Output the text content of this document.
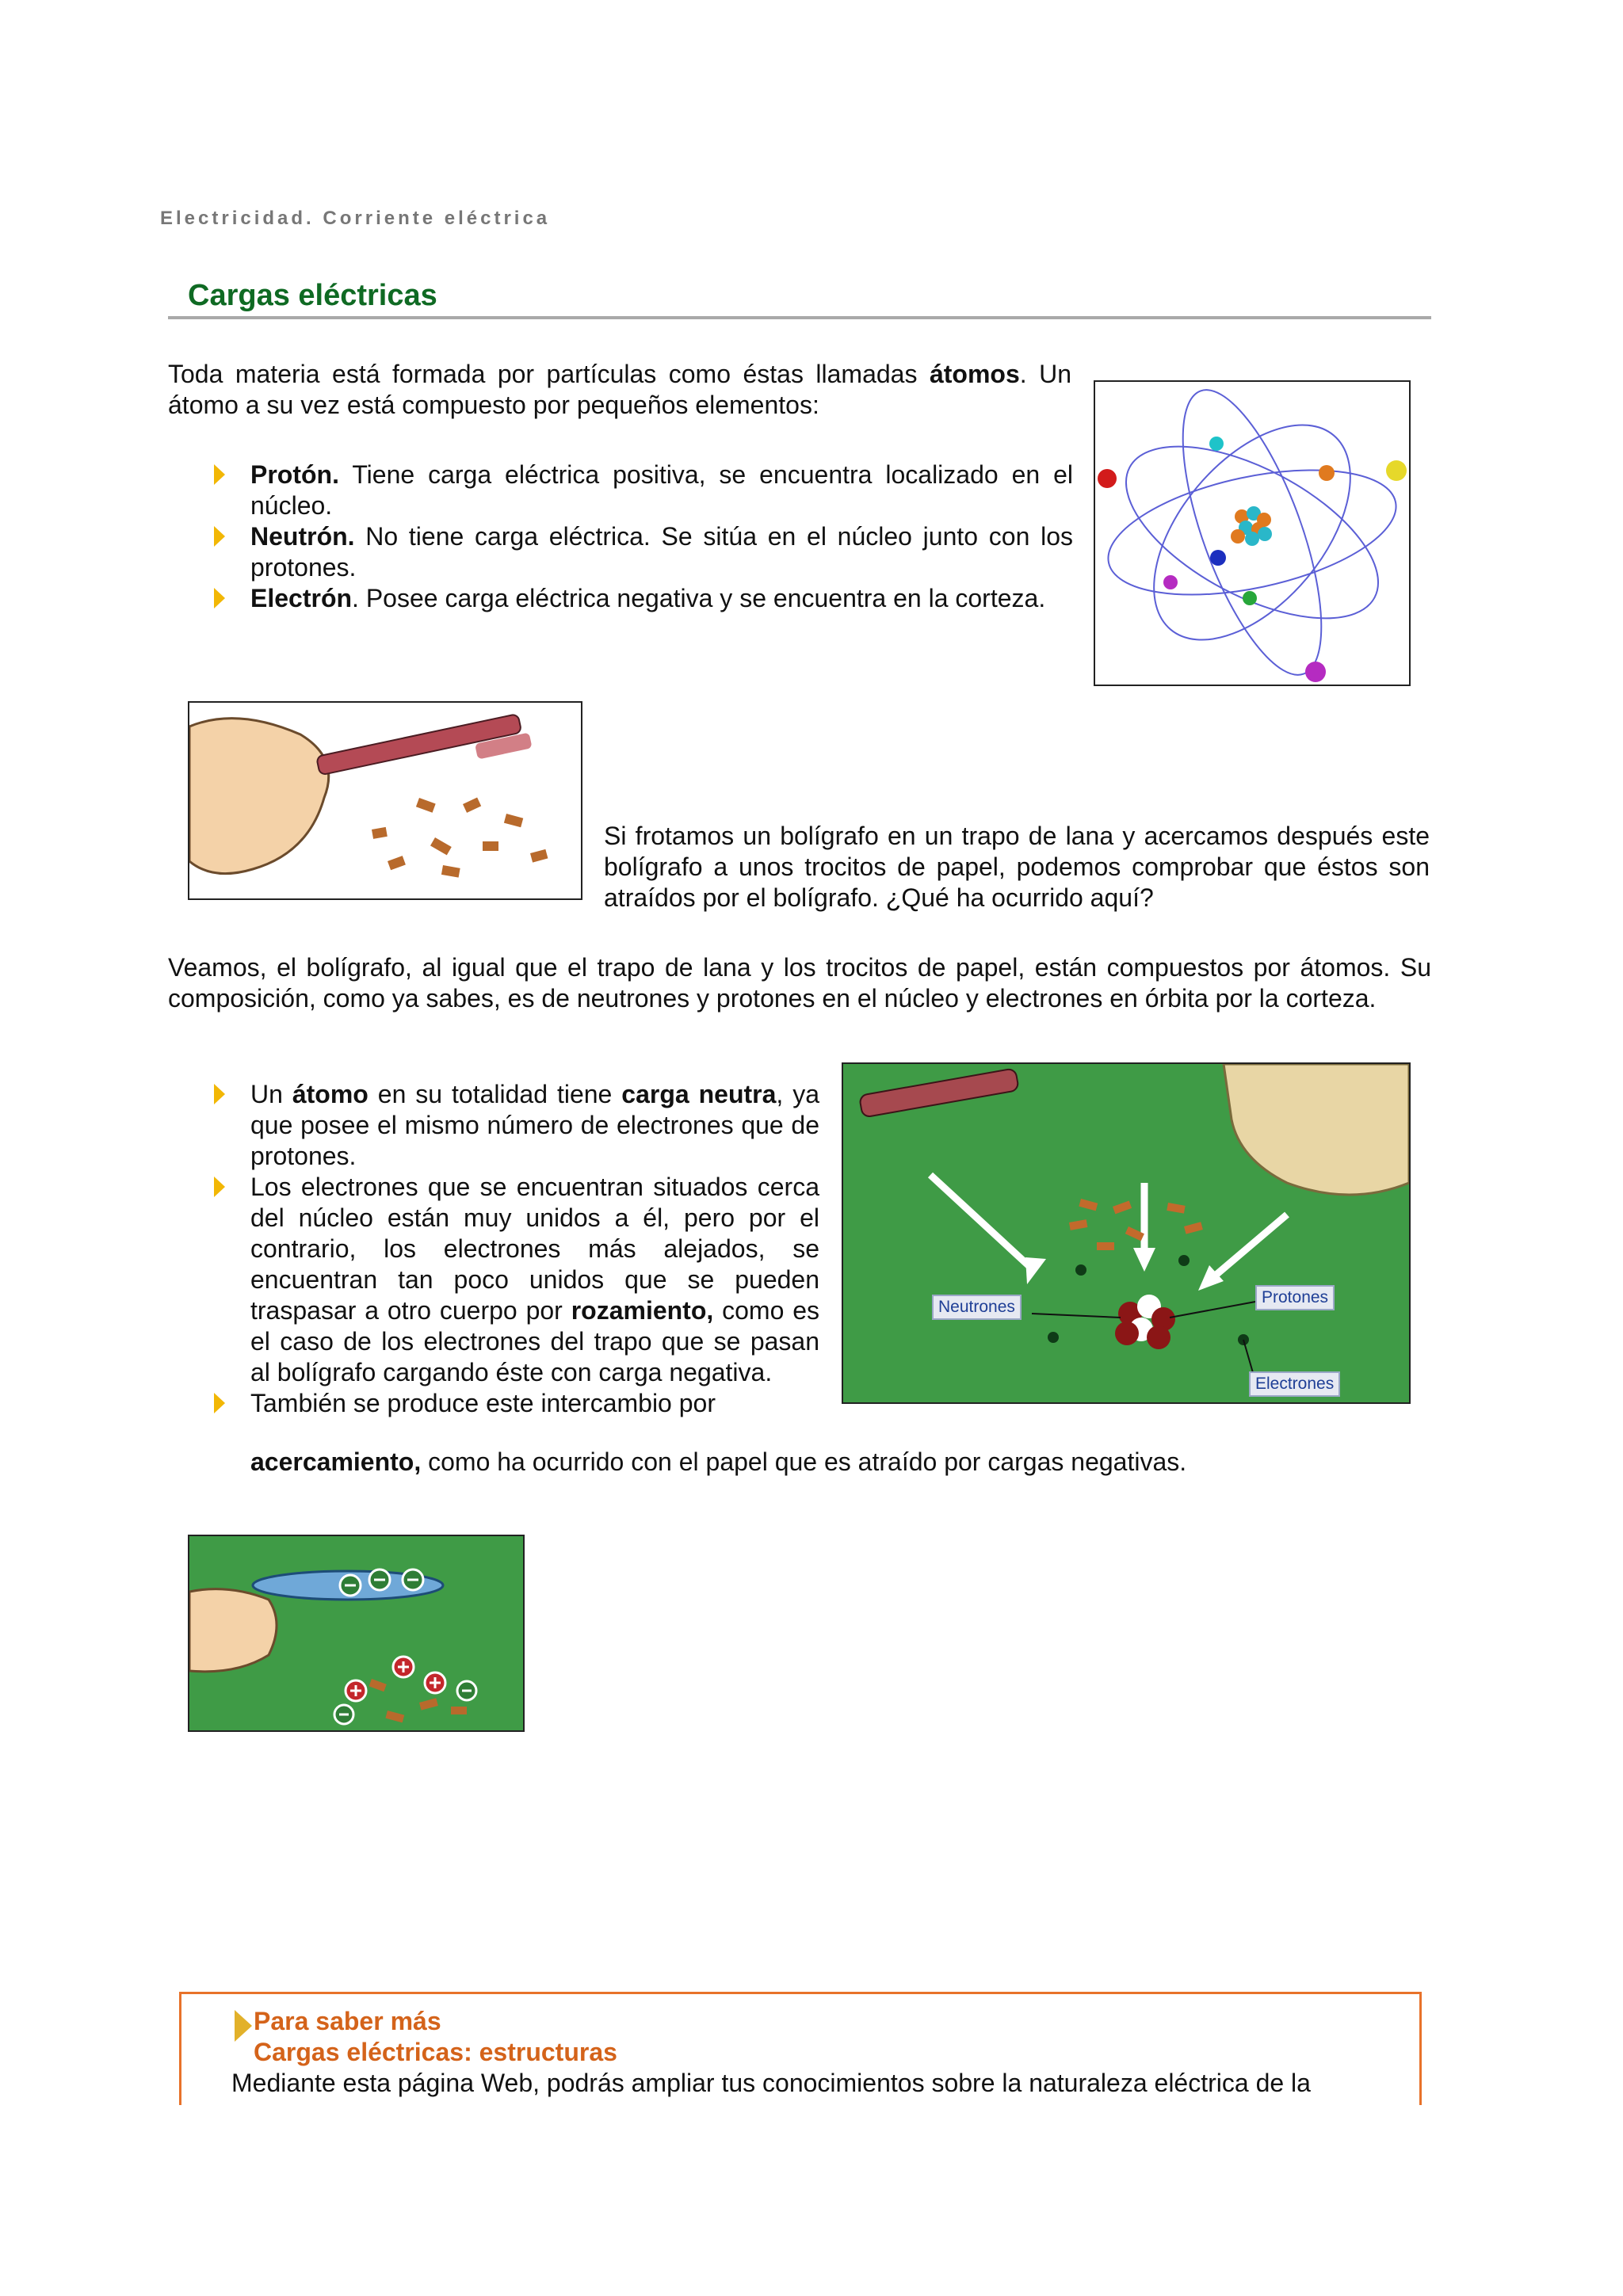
Electricidad. Corriente eléctrica
Cargas eléctricas
Toda materia está formada por partículas como éstas llamadas átomos. Un átomo a su vez está compuesto por pequeños elementos:
Protón. Tiene carga eléctrica positiva, se encuentra localizado en el núcleo.
Neutrón. No tiene carga eléctrica. Se sitúa en el núcleo junto con los protones.
Electrón. Posee carga eléctrica negativa y se encuentra en la corteza.
Si frotamos un bolígrafo en un trapo de lana y acercamos después este bolígrafo a unos trocitos de papel, podemos comprobar que éstos son atraídos por el bolígrafo. ¿Qué ha ocurrido aquí?
Veamos, el bolígrafo, al igual que el trapo de lana y los trocitos de papel, están compuestos por átomos. Su composición, como ya sabes, es de neutrones y protones en el núcleo y electrones en órbita por la corteza.
Un átomo en su totalidad tiene carga neutra, ya que posee el mismo número de electrones que de protones.
Los electrones que se encuentran situados cerca del núcleo están muy unidos a él, pero por el contrario, los electrones más alejados, se encuentran tan poco unidos que se pueden traspasar a otro cuerpo por rozamiento, como es el caso de los electrones del trapo que se pasan al bolígrafo cargando éste con carga negativa.
También se produce este intercambio por
acercamiento, como ha ocurrido con el papel que es atraído por cargas negativas.
Neutrones
Protones
Electrones
Para saber más
Cargas eléctricas: estructuras
Mediante esta página Web, podrás ampliar tus conocimientos sobre la naturaleza eléctrica de la
